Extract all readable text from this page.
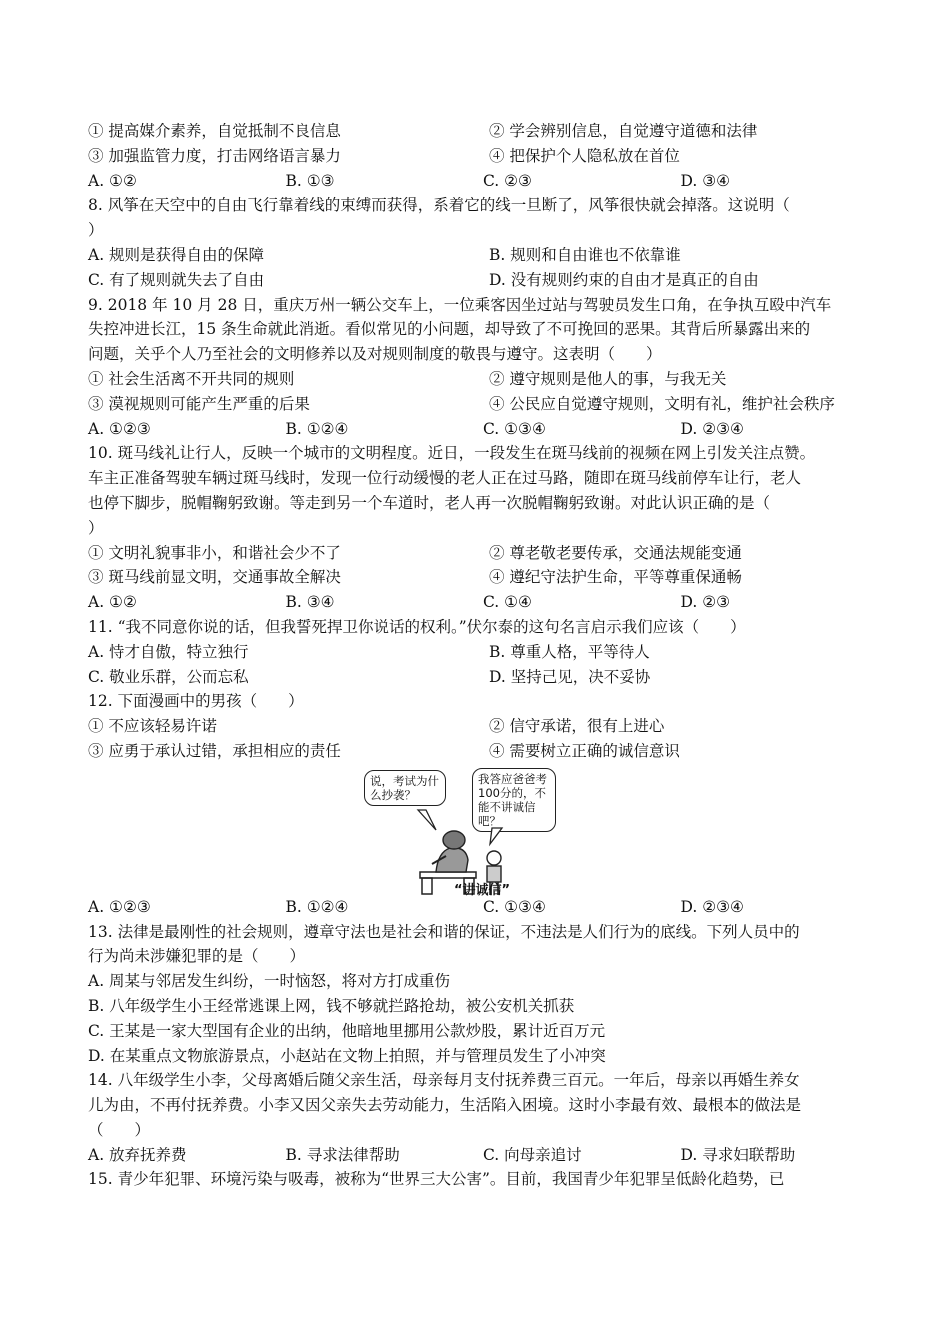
① 提高媒介素养，自觉抵制不良信息	② 学会辨别信息，自觉遵守道德和法律
③ 加强监管力度，打击网络语言暴力	④ 把保护个人隐私放在首位
A. ①②	B. ①③	C. ②③	D. ③④
8. 风筝在天空中的自由飞行靠着线的束缚而获得，系着它的线一旦断了，风筝很快就会掉落。这说明（
）
A. 规则是获得自由的保障	B. 规则和自由谁也不依靠谁
C. 有了规则就失去了自由	D. 没有规则约束的自由才是真正的自由
9. 2018 年 10 月 28 日，重庆万州一辆公交车上，一位乘客因坐过站与驾驶员发生口角，在争执互殴中汽车
失控冲进长江，15 条生命就此消逝。看似常见的小问题，却导致了不可挽回的恶果。其背后所暴露出来的
问题，关乎个人乃至社会的文明修养以及对规则制度的敬畏与遵守。这表明（　　）
① 社会生活离不开共同的规则	② 遵守规则是他人的事，与我无关
③ 漠视规则可能产生严重的后果	④ 公民应自觉遵守规则，文明有礼，维护社会秩序
A. ①②③	B. ①②④	C. ①③④	D. ②③④
10. 斑马线礼让行人，反映一个城市的文明程度。近日，一段发生在斑马线前的视频在网上引发关注点赞。
车主正准备驾驶车辆过斑马线时，发现一位行动缓慢的老人正在过马路，随即在斑马线前停车让行，老人
也停下脚步，脱帽鞠躬致谢。等走到另一个车道时，老人再一次脱帽鞠躬致谢。对此认识正确的是（
）
① 文明礼貌事非小，和谐社会少不了	② 尊老敬老要传承，交通法规能变通
③ 斑马线前显文明，交通事故全解决	④ 遵纪守法护生命，平等尊重保通畅
A. ①②	B. ③④	C. ①④	D. ②③
11. “我不同意你说的话，但我誓死捍卫你说话的权利。”伏尔泰的这句名言启示我们应该（　　）
A. 恃才自傲，特立独行	B. 尊重人格，平等待人
C. 敬业乐群，公而忘私	D. 坚持己见，决不妥协
12. 下面漫画中的男孩（　　）
① 不应该轻易许诺	② 信守承诺，很有上进心
③ 应勇于承认过错，承担相应的责任	④ 需要树立正确的诚信意识
说，考试为什么抄袭？
我答应爸爸考100分的，不能不讲诚信吧？
“讲诚信”
A. ①②③	B. ①②④	C. ①③④	D. ②③④
13. 法律是最刚性的社会规则，遵章守法也是社会和谐的保证，不违法是人们行为的底线。下列人员中的
行为尚未涉嫌犯罪的是（　　）
A. 周某与邻居发生纠纷，一时恼怒，将对方打成重伤
B. 八年级学生小王经常逃课上网，钱不够就拦路抢劫，被公安机关抓获
C. 王某是一家大型国有企业的出纳，他暗地里挪用公款炒股，累计近百万元
D. 在某重点文物旅游景点，小赵站在文物上拍照，并与管理员发生了小冲突
14. 八年级学生小李，父母离婚后随父亲生活，母亲每月支付抚养费三百元。一年后，母亲以再婚生养女
儿为由，不再付抚养费。小李又因父亲失去劳动能力，生活陷入困境。这时小李最有效、最根本的做法是
（　　）
A. 放弃抚养费	B. 寻求法律帮助	C. 向母亲追讨	D. 寻求妇联帮助
15. 青少年犯罪、环境污染与吸毒，被称为“世界三大公害”。目前，我国青少年犯罪呈低龄化趋势，已
